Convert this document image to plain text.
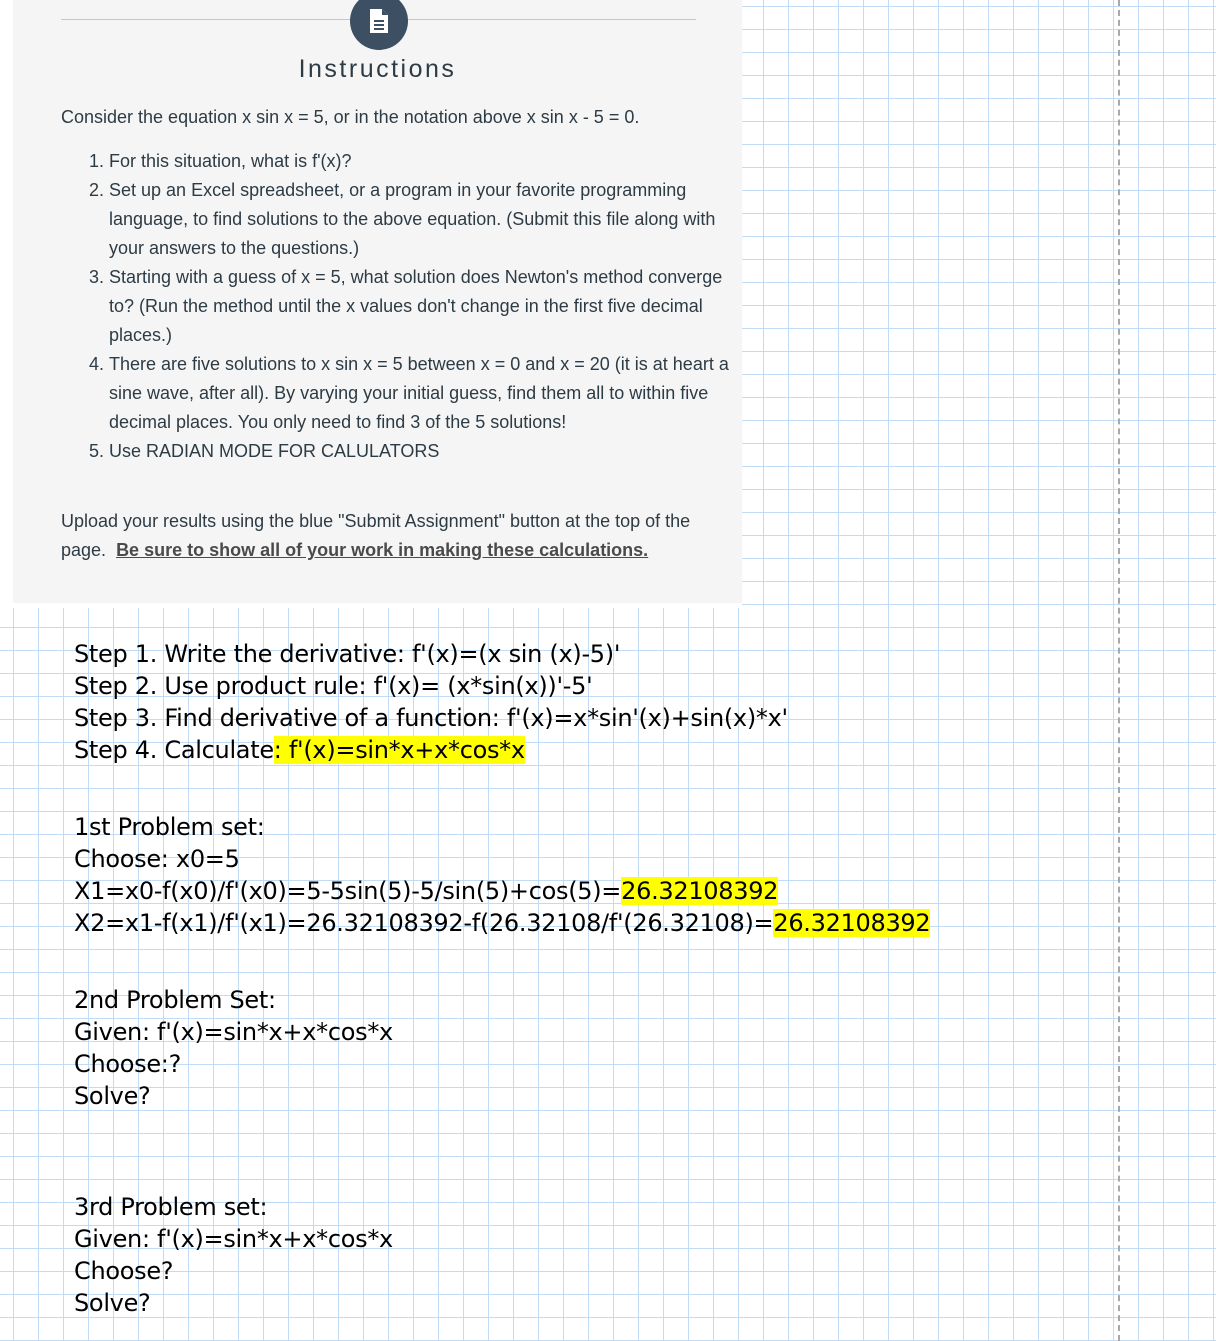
Instructions

Consider the equation x sin x = 5, or in the notation above x sin x - 5 = 0.

1. For this situation, what is f'(x)?
2. Set up an Excel spreadsheet, or a program in your favorite programming language, to find solutions to the above equation. (Submit this file along with your answers to the questions.)
3. Starting with a guess of x = 5, what solution does Newton's method converge to? (Run the method until the x values don't change in the first five decimal places.)
4. There are five solutions to x sin x = 5 between x = 0 and x = 20 (it is at heart a sine wave, after all). By varying your initial guess, find them all to within five decimal places. You only need to find 3 of the 5 solutions!
5. Use RADIAN MODE FOR CALULATORS

Upload your results using the blue "Submit Assignment" button at the top of the page. Be sure to show all of your work in making these calculations.

Step 1. Write the derivative: f'(x)=(x sin (x)-5)'
Step 2. Use product rule: f'(x)= (x*sin(x))'-5'
Step 3. Find derivative of a function: f'(x)=x*sin'(x)+sin(x)*x'
Step 4. Calculate: f'(x)=sin*x+x*cos*x
1st Problem set:
Choose: x0=5
X1=x0-f(x0)/f'(x0)=5-5sin(5)-5/sin(5)+cos(5)=26.32108392
X2=x1-f(x1)/f'(x1)=26.32108392-f(26.32108/f'(26.32108)=26.32108392
2nd Problem Set:
Given: f'(x)=sin*x+x*cos*x
Choose:?
Solve?
3rd Problem set:
Given: f'(x)=sin*x+x*cos*x
Choose?
Solve?
